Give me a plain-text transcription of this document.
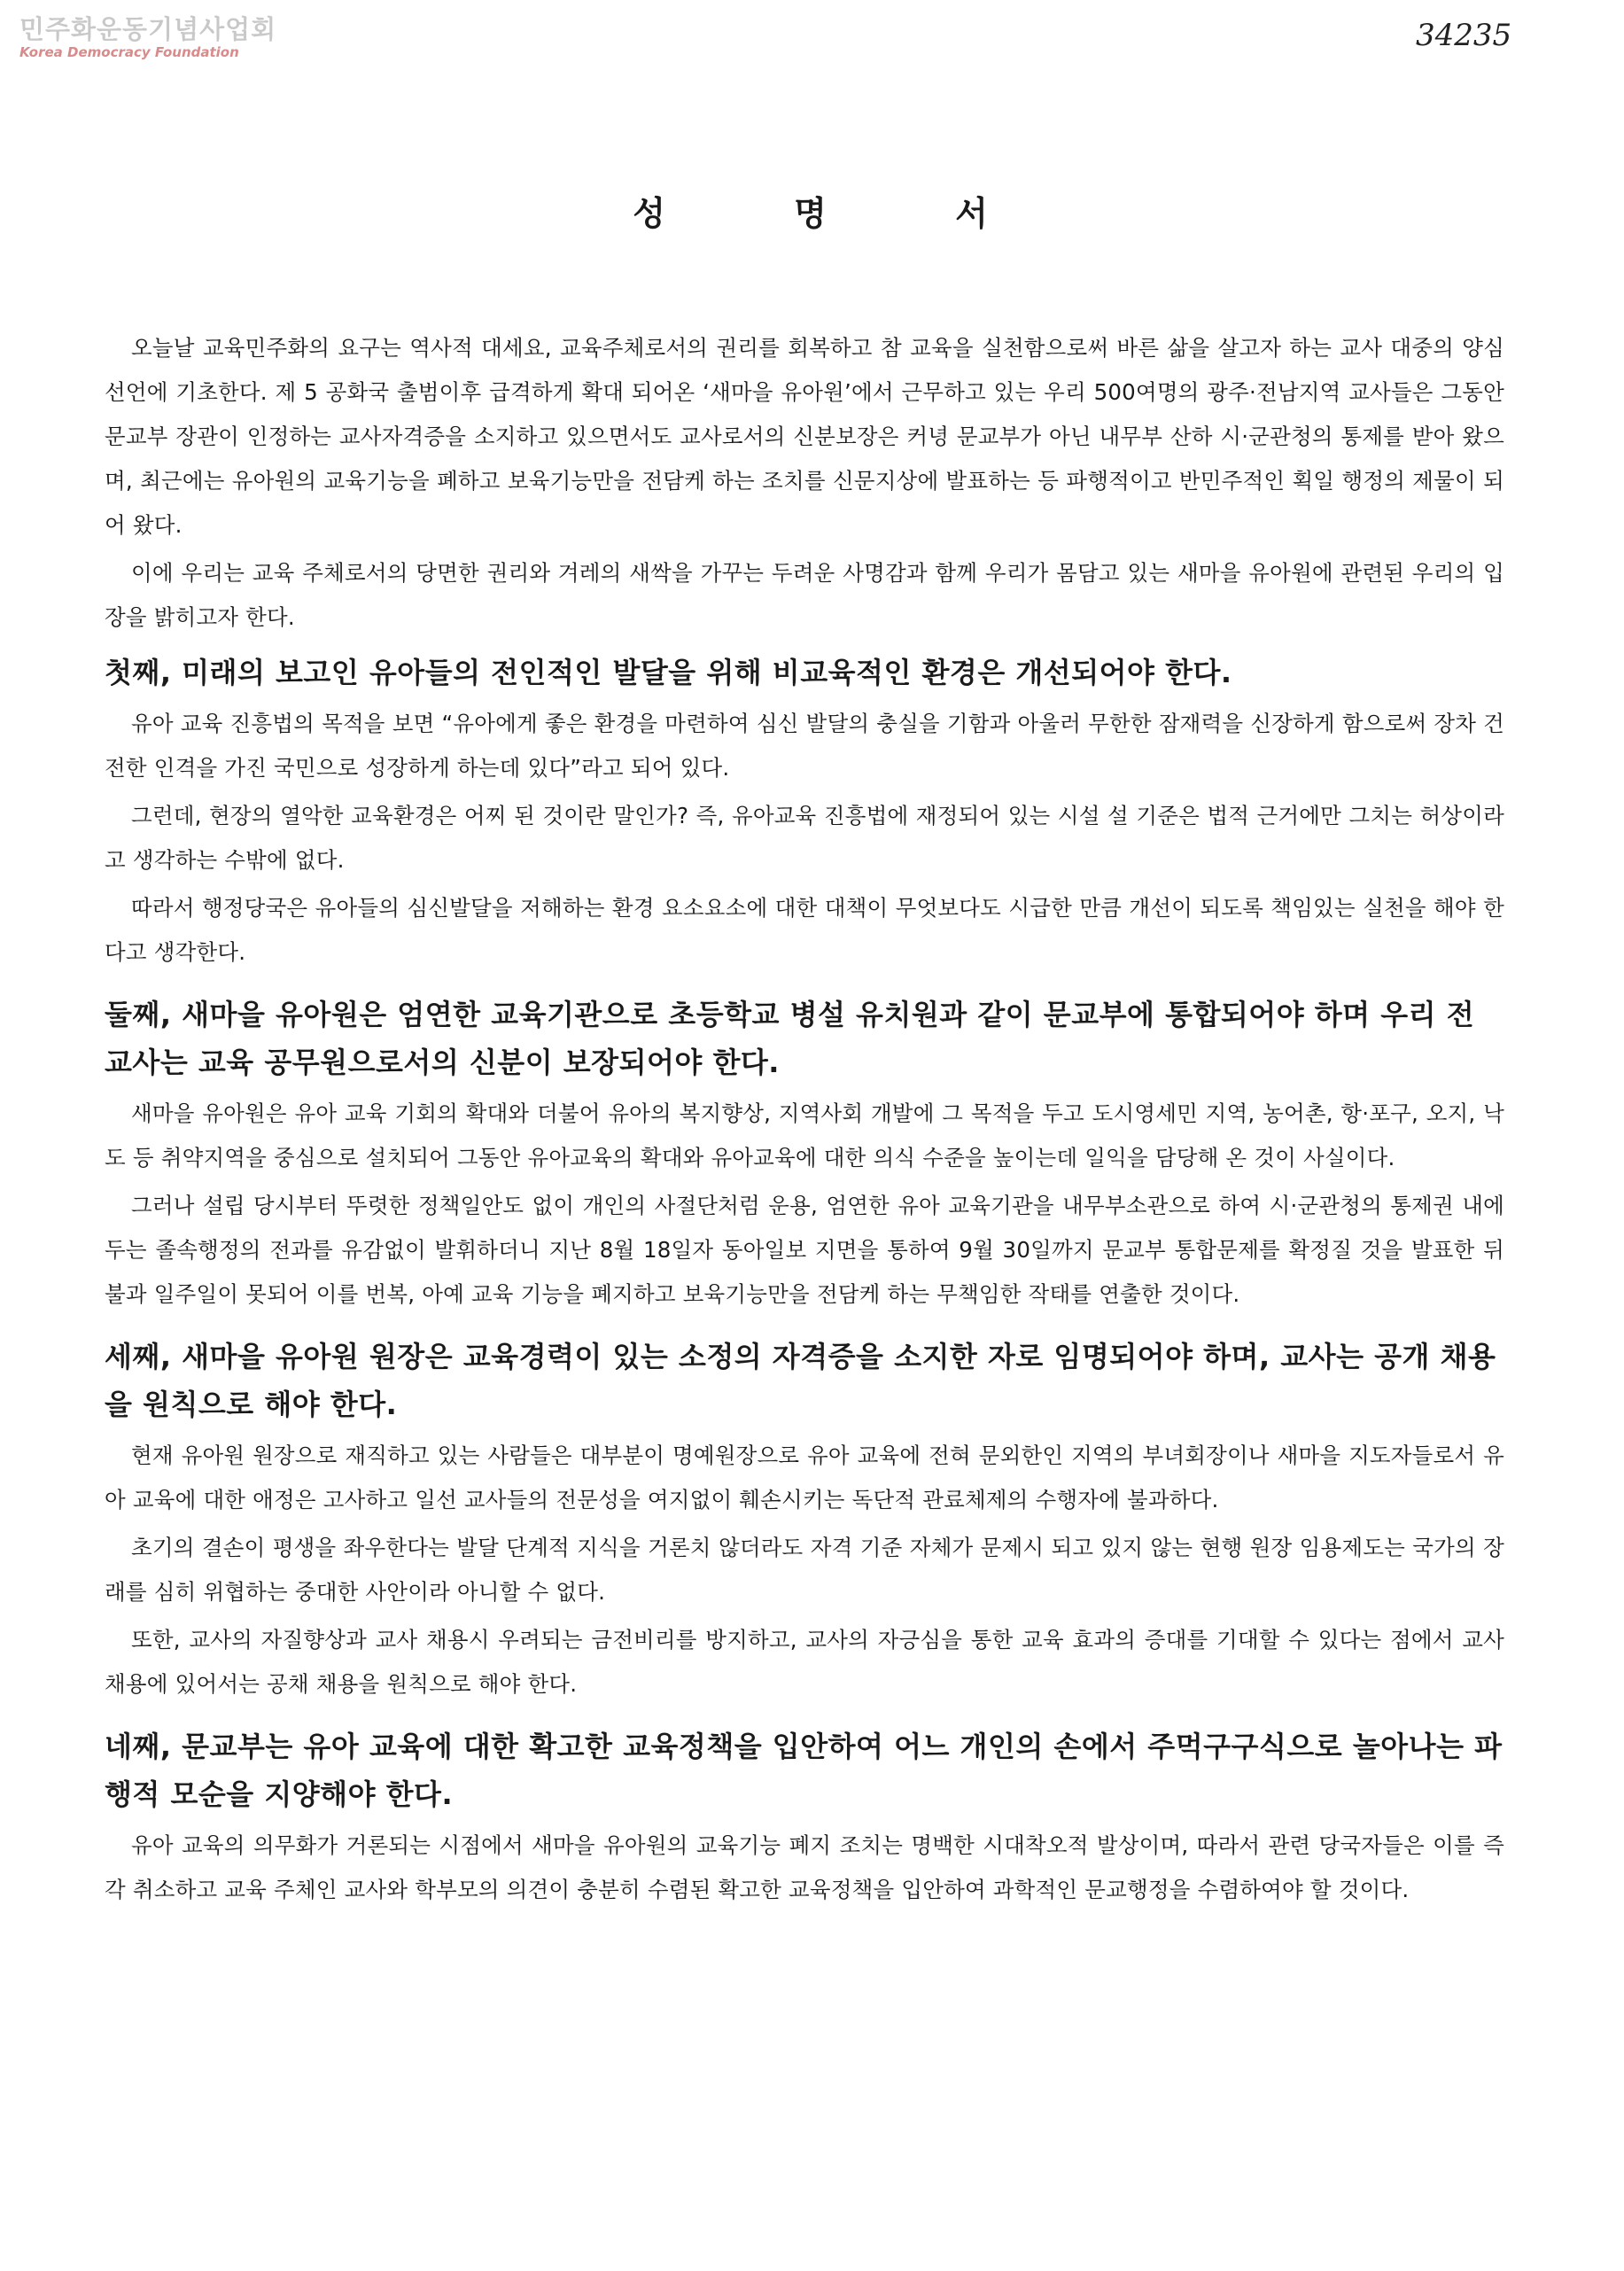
민주화운동기념사업회
Korea Democracy Foundation	34235
성	명	서

오늘날 교육민주화의 요구는 역사적 대세요, 교육주체로서의 권리를 회복하고 참 교육을 실천함으로써 바른 삶을 살고자 하는 교사 대중의 양심 선언에 기초한다. 제 5 공화국 출범이후 급격하게 확대 되어온 ‘새마을 유아원’에서 근무하고 있는 우리 500여명의 광주·전남지역 교사들은 그동안 문교부 장관이 인정하는 교사자격증을 소지하고 있으면서도 교사로서의 신분보장은 커녕 문교부가 아닌 내무부 산하 시·군관청의 통제를 받아 왔으며, 최근에는 유아원의 교육기능을 폐하고 보육기능만을 전담케 하는 조치를 신문지상에 발표하는 등 파행적이고 반민주적인 획일 행정의 제물이 되어 왔다.

이에 우리는 교육 주체로서의 당면한 권리와 겨레의 새싹을 가꾸는 두려운 사명감과 함께 우리가 몸담고 있는 새마을 유아원에 관련된 우리의 입장을 밝히고자 한다.

첫째, 미래의 보고인 유아들의 전인적인 발달을 위해 비교육적인 환경은 개선되어야 한다.

유아 교육 진흥법의 목적을 보면 “유아에게 좋은 환경을 마련하여 심신 발달의 충실을 기함과 아울러 무한한 잠재력을 신장하게 함으로써 장차 건전한 인격을 가진 국민으로 성장하게 하는데 있다”라고 되어 있다.

그런데, 현장의 열악한 교육환경은 어찌 된 것이란 말인가? 즉, 유아교육 진흥법에 재정되어 있는 시설 설 기준은 법적 근거에만 그치는 허상이라고 생각하는 수밖에 없다.

따라서 행정당국은 유아들의 심신발달을 저해하는 환경 요소요소에 대한 대책이 무엇보다도 시급한 만큼 개선이 되도록 책임있는 실천을 해야 한다고 생각한다.

둘째, 새마을 유아원은 엄연한 교육기관으로 초등학교 병설 유치원과 같이 문교부에 통합되어야 하며 우리 전 교사는 교육 공무원으로서의 신분이 보장되어야 한다.

새마을 유아원은 유아 교육 기회의 확대와 더불어 유아의 복지향상, 지역사회 개발에 그 목적을 두고 도시영세민 지역, 농어촌, 항·포구, 오지, 낙도 등 취약지역을 중심으로 설치되어 그동안 유아교육의 확대와 유아교육에 대한 의식 수준을 높이는데 일익을 담당해 온 것이 사실이다.

그러나 설립 당시부터 뚜렷한 정책일안도 없이 개인의 사절단처럼 운용, 엄연한 유아 교육기관을 내무부소관으로 하여 시·군관청의 통제권 내에 두는 졸속행정의 전과를 유감없이 발휘하더니 지난 8월 18일자 동아일보 지면을 통하여 9월 30일까지 문교부 통합문제를 확정질 것을 발표한 뒤 불과 일주일이 못되어 이를 번복, 아예 교육 기능을 폐지하고 보육기능만을 전담케 하는 무책임한 작태를 연출한 것이다.

세째, 새마을 유아원 원장은 교육경력이 있는 소정의 자격증을 소지한 자로 임명되어야 하며, 교사는 공개 채용을 원칙으로 해야 한다.

현재 유아원 원장으로 재직하고 있는 사람들은 대부분이 명예원장으로 유아 교육에 전혀 문외한인 지역의 부녀회장이나 새마을 지도자들로서 유아 교육에 대한 애정은 고사하고 일선 교사들의 전문성을 여지없이 훼손시키는 독단적 관료체제의 수행자에 불과하다.

초기의 결손이 평생을 좌우한다는 발달 단계적 지식을 거론치 않더라도 자격 기준 자체가 문제시 되고 있지 않는 현행 원장 임용제도는 국가의 장래를 심히 위협하는 중대한 사안이라 아니할 수 없다.

또한, 교사의 자질향상과 교사 채용시 우려되는 금전비리를 방지하고, 교사의 자긍심을 통한 교육 효과의 증대를 기대할 수 있다는 점에서 교사 채용에 있어서는 공채 채용을 원칙으로 해야 한다.

네째, 문교부는 유아 교육에 대한 확고한 교육정책을 입안하여 어느 개인의 손에서 주먹구구식으로 놀아나는 파행적 모순을 지양해야 한다.

유아 교육의 의무화가 거론되는 시점에서 새마을 유아원의 교육기능 폐지 조치는 명백한 시대착오적 발상이며, 따라서 관련 당국자들은 이를 즉각 취소하고 교육 주체인 교사와 학부모의 의견이 충분히 수렴된 확고한 교육정책을 입안하여 과학적인 문교행정을 수렴하여야 할 것이다.
